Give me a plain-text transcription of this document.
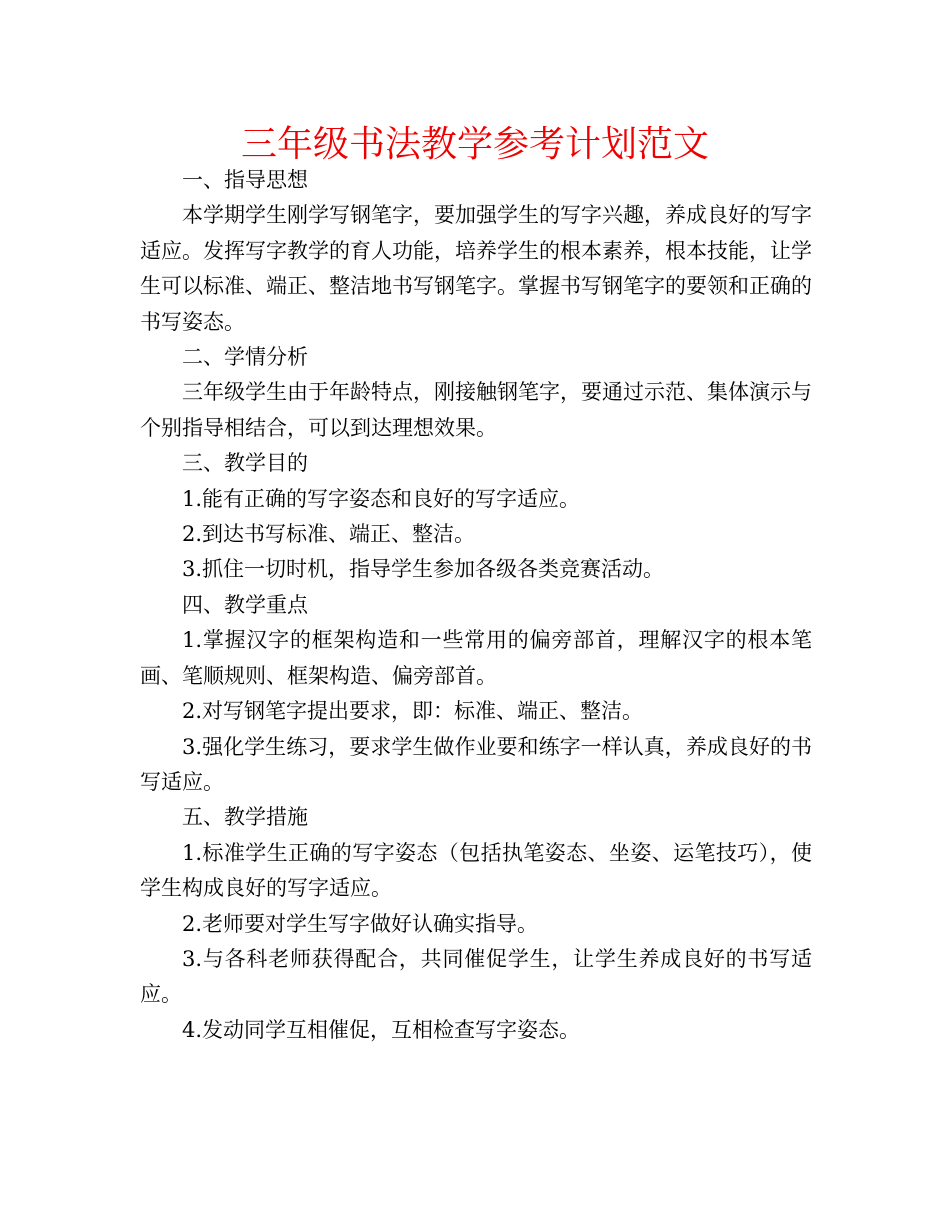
三年级书法教学参考计划范文

一、指导思想

本学期学生刚学写钢笔字，要加强学生的写字兴趣，养成良好的写字适应。发挥写字教学的育人功能，培养学生的根本素养，根本技能，让学生可以标准、端正、整洁地书写钢笔字。掌握书写钢笔字的要领和正确的书写姿态。

二、学情分析

三年级学生由于年龄特点，刚接触钢笔字，要通过示范、集体演示与个别指导相结合，可以到达理想效果。

三、教学目的

1.能有正确的写字姿态和良好的写字适应。

2.到达书写标准、端正、整洁。

3.抓住一切时机，指导学生参加各级各类竞赛活动。

四、教学重点

1.掌握汉字的框架构造和一些常用的偏旁部首，理解汉字的根本笔画、笔顺规则、框架构造、偏旁部首。

2.对写钢笔字提出要求，即：标准、端正、整洁。

3.强化学生练习，要求学生做作业要和练字一样认真，养成良好的书写适应。

五、教学措施

1.标准学生正确的写字姿态（包括执笔姿态、坐姿、运笔技巧），使学生构成良好的写字适应。

2.老师要对学生写字做好认确实指导。

3.与各科老师获得配合，共同催促学生，让学生养成良好的书写适应。

4.发动同学互相催促，互相检查写字姿态。
